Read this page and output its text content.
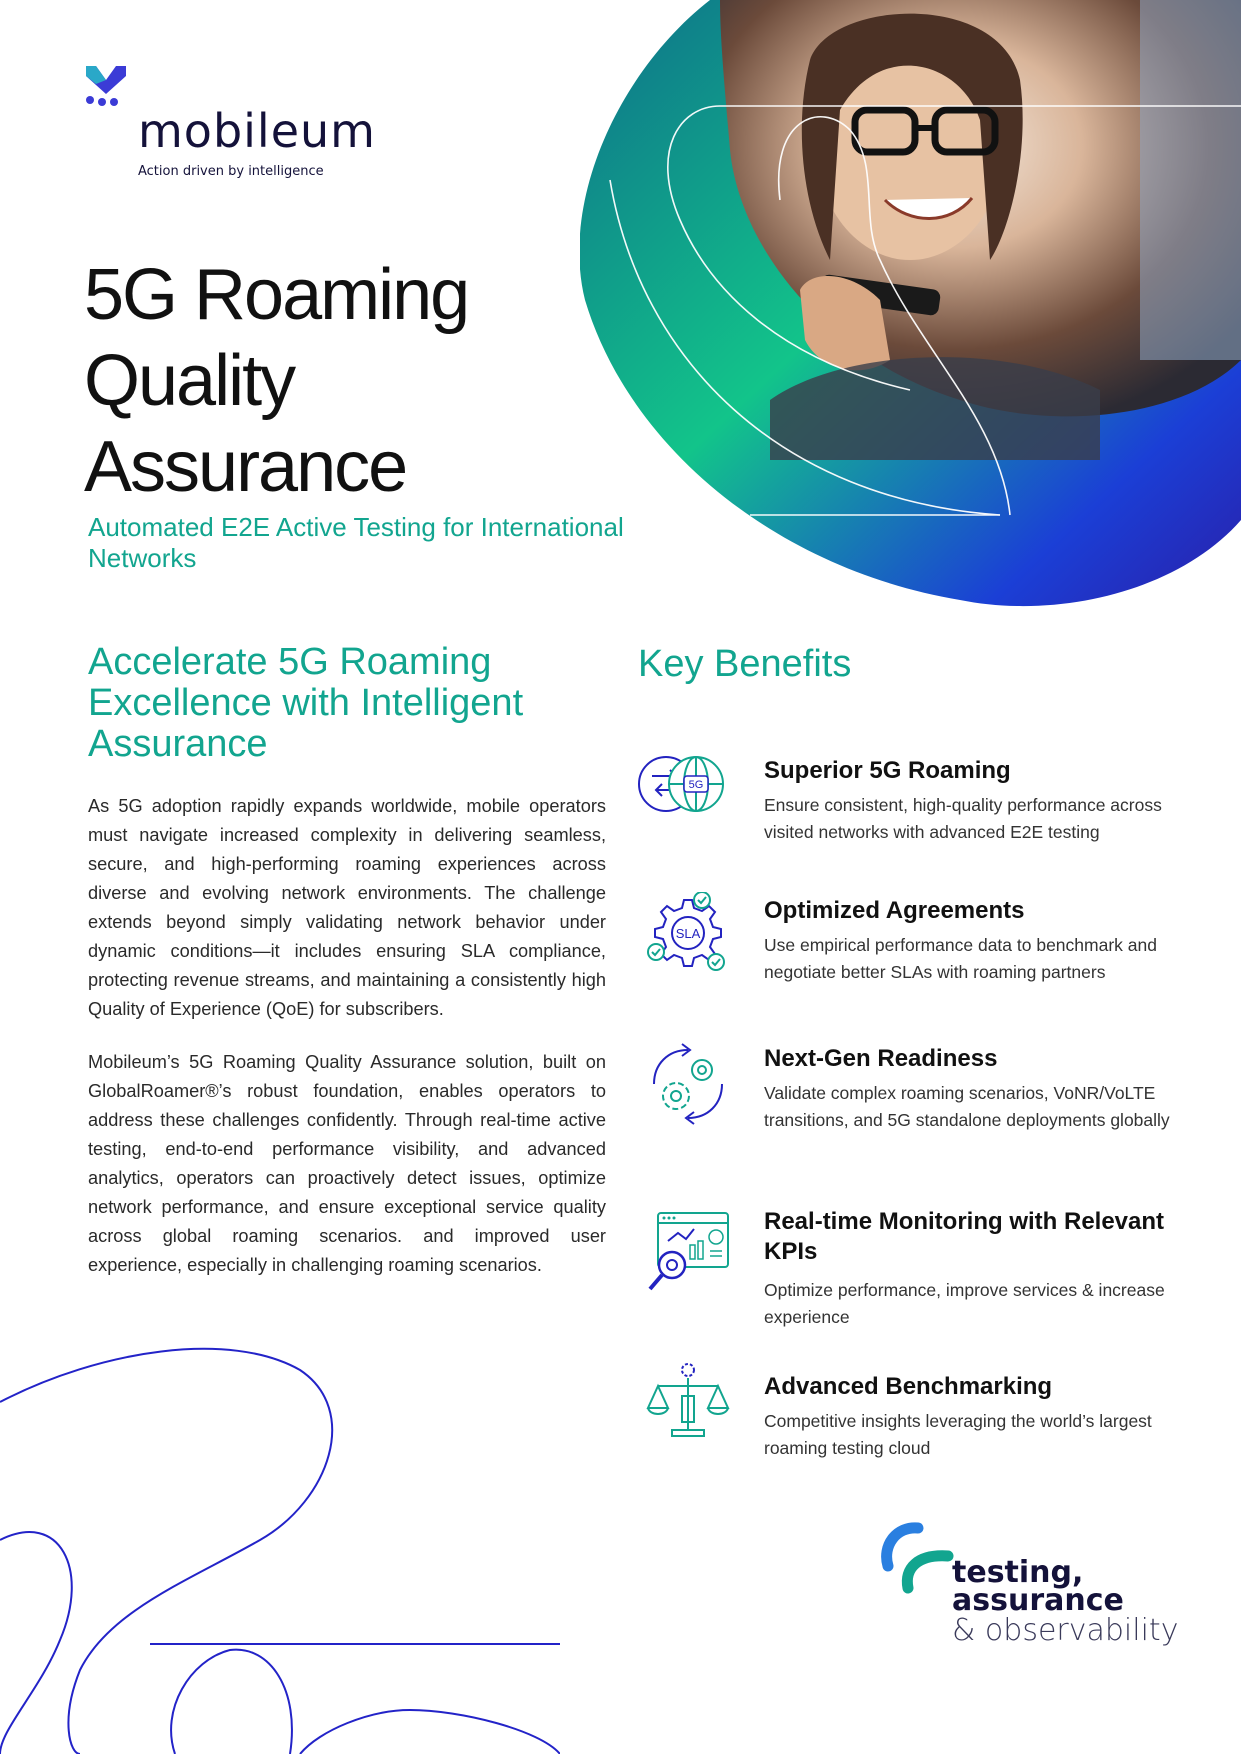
mobileum
Action driven by intelligence
5G Roaming
Quality
Assurance
Automated E2E Active Testing for International Networks
Accelerate 5G Roaming Excellence with Intelligent Assurance
As 5G adoption rapidly expands worldwide, mobile operators must navigate increased complexity in delivering seamless, secure, and high-performing roaming experiences across diverse and evolving network environments. The challenge extends beyond simply validating network behavior under dynamic conditions—it includes ensuring SLA compliance, protecting revenue streams, and maintaining a consistently high Quality of Experience (QoE) for subscribers.
Mobileum’s 5G Roaming Quality Assurance solution, built on GlobalRoamer®’s robust foundation, enables operators to address these challenges confidently. Through real-time active testing, end-to-end performance visibility, and advanced analytics, operators can proactively detect issues, optimize network performance, and ensure exceptional service quality across global roaming scenarios. and improved user experience, especially in challenging roaming scenarios.
Key Benefits
5G
Superior 5G Roaming
Ensure consistent, high-quality performance across visited networks with advanced E2E testing
SLA
Optimized Agreements
Use empirical performance data to benchmark and negotiate better SLAs with roaming partners
Next-Gen Readiness
Validate complex roaming scenarios, VoNR/VoLTE transitions, and 5G standalone deployments globally
Real-time Monitoring with Relevant KPIs
Optimize performance, improve services & increase experience
Advanced Benchmarking
Competitive insights leveraging the world’s largest roaming testing cloud
testing,
assurance
& observability
